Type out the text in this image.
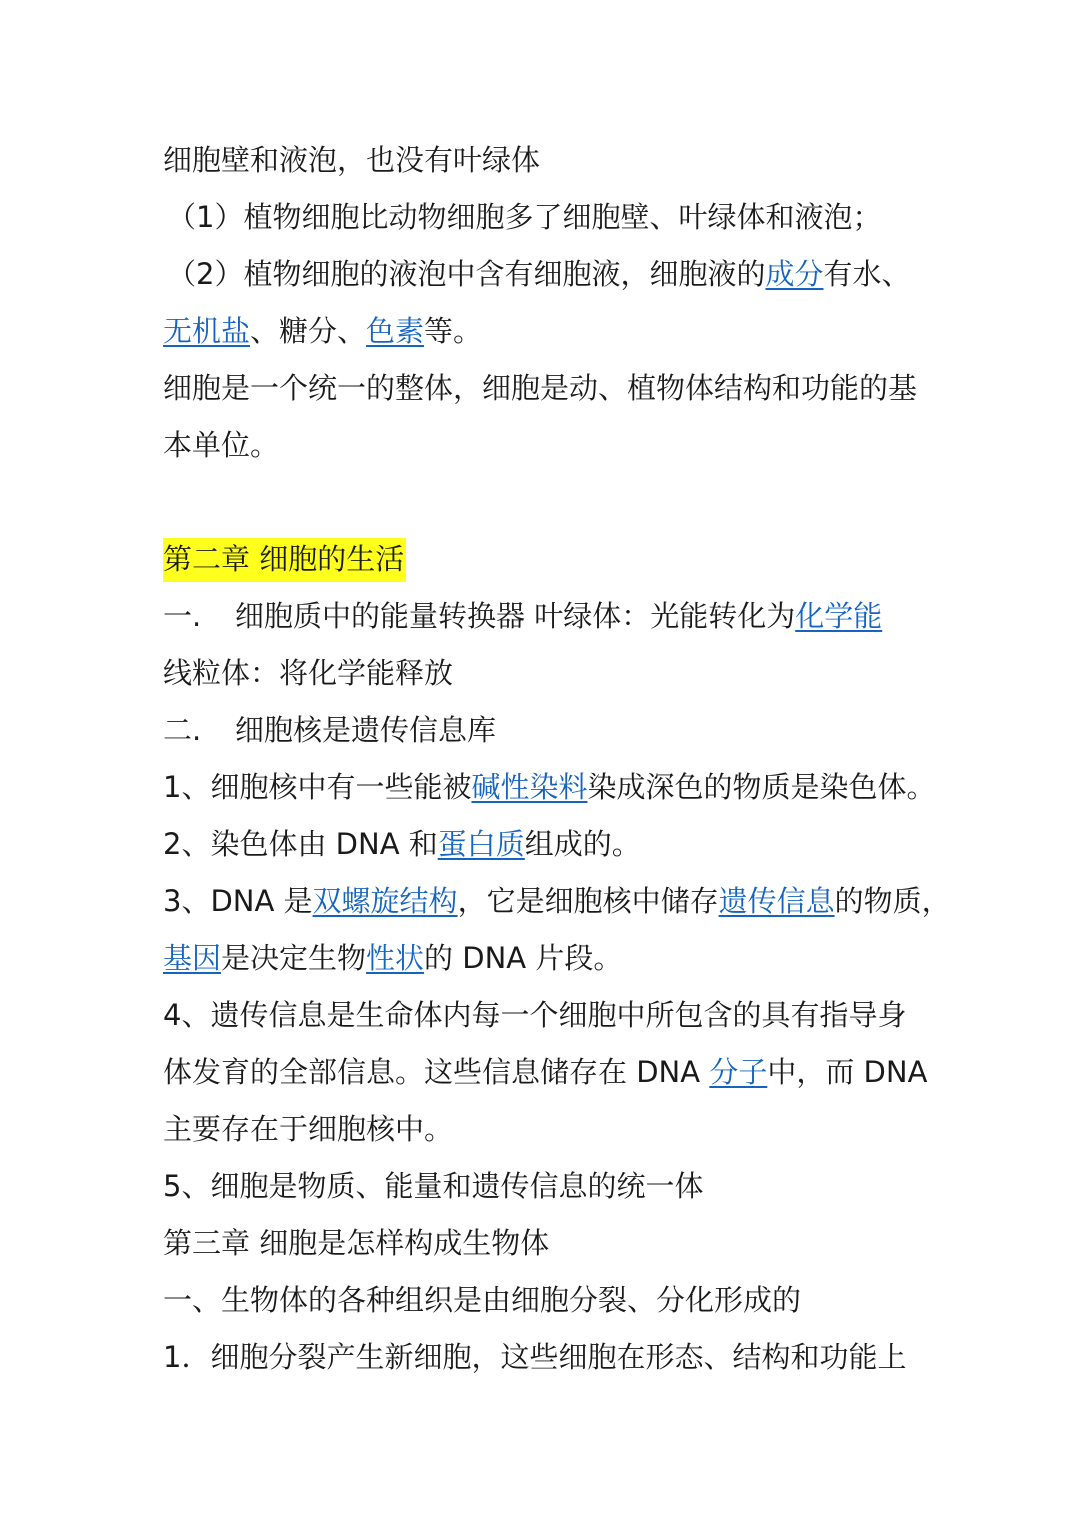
细胞壁和液泡，也没有叶绿体
（1）植物细胞比动物细胞多了细胞壁、叶绿体和液泡；
（2）植物细胞的液泡中含有细胞液，细胞液的成分有水、
无机盐、糖分、色素等。
细胞是一个统一的整体，细胞是动、植物体结构和功能的基
本单位。
第二章 细胞的生活
一. 细胞质中的能量转换器 叶绿体：光能转化为化学能
线粒体：将化学能释放
二. 细胞核是遗传信息库
1、细胞核中有一些能被碱性染料染成深色的物质是染色体。
2、染色体由 DNA 和蛋白质组成的。
3、DNA 是双螺旋结构，它是细胞核中储存遗传信息的物质，
基因是决定生物性状的 DNA 片段。
4、遗传信息是生命体内每一个细胞中所包含的具有指导身
体发育的全部信息。这些信息储存在 DNA 分子中，而 DNA
主要存在于细胞核中。
5、细胞是物质、能量和遗传信息的统一体
第三章 细胞是怎样构成生物体
一、生物体的各种组织是由细胞分裂、分化形成的
1．细胞分裂产生新细胞，这些细胞在形态、结构和功能上
